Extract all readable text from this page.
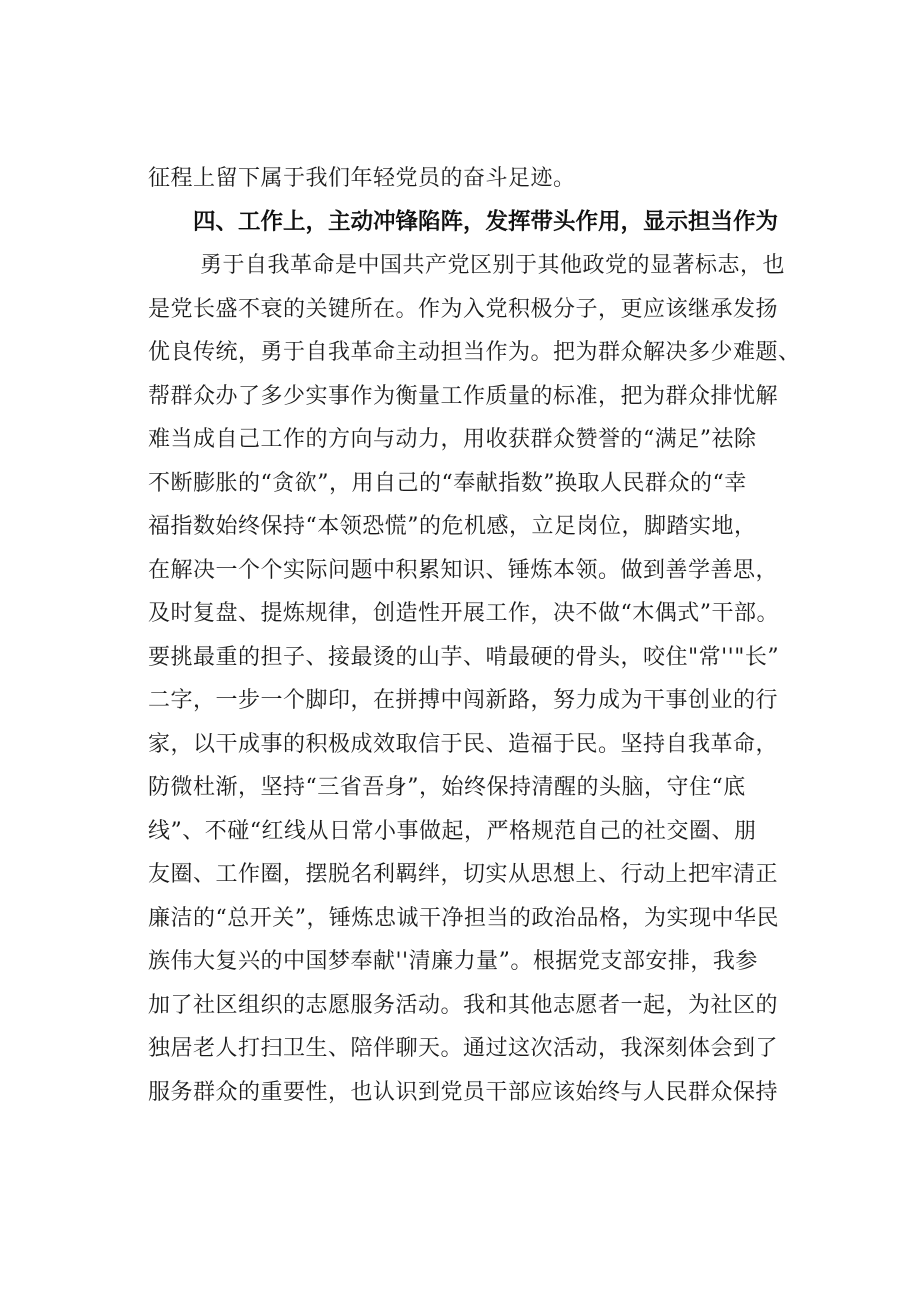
征程上留下属于我们年轻党员的奋斗足迹。
四、工作上，主动冲锋陷阵，发挥带头作用，显示担当作为
勇于自我革命是中国共产党区别于其他政党的显著标志，也
是党长盛不衰的关键所在。作为入党积极分子，更应该继承发扬
优良传统，勇于自我革命主动担当作为。把为群众解决多少难题、
帮群众办了多少实事作为衡量工作质量的标准，把为群众排忧解
难当成自己工作的方向与动力，用收获群众赞誉的“满足”祛除
不断膨胀的“贪欲”，用自己的“奉献指数”换取人民群众的“幸
福指数始终保持“本领恐慌”的危机感，立足岗位，脚踏实地，
在解决一个个实际问题中积累知识、锤炼本领。做到善学善思，
及时复盘、提炼规律，创造性开展工作，决不做“木偶式”干部。
要挑最重的担子、接最烫的山芋、啃最硬的骨头，咬住"常''"长”
二字，一步一个脚印，在拼搏中闯新路，努力成为干事创业的行
家，以干成事的积极成效取信于民、造福于民。坚持自我革命，
防微杜渐，坚持“三省吾身”，始终保持清醒的头脑，守住“底
线”、不碰“红线从日常小事做起，严格规范自己的社交圈、朋
友圈、工作圈，摆脱名利羁绊，切实从思想上、行动上把牢清正
廉洁的“总开关”，锤炼忠诚干净担当的政治品格，为实现中华民
族伟大复兴的中国梦奉献''清廉力量”。根据党支部安排，我参
加了社区组织的志愿服务活动。我和其他志愿者一起，为社区的
独居老人打扫卫生、陪伴聊天。通过这次活动，我深刻体会到了
服务群众的重要性，也认识到党员干部应该始终与人民群众保持
